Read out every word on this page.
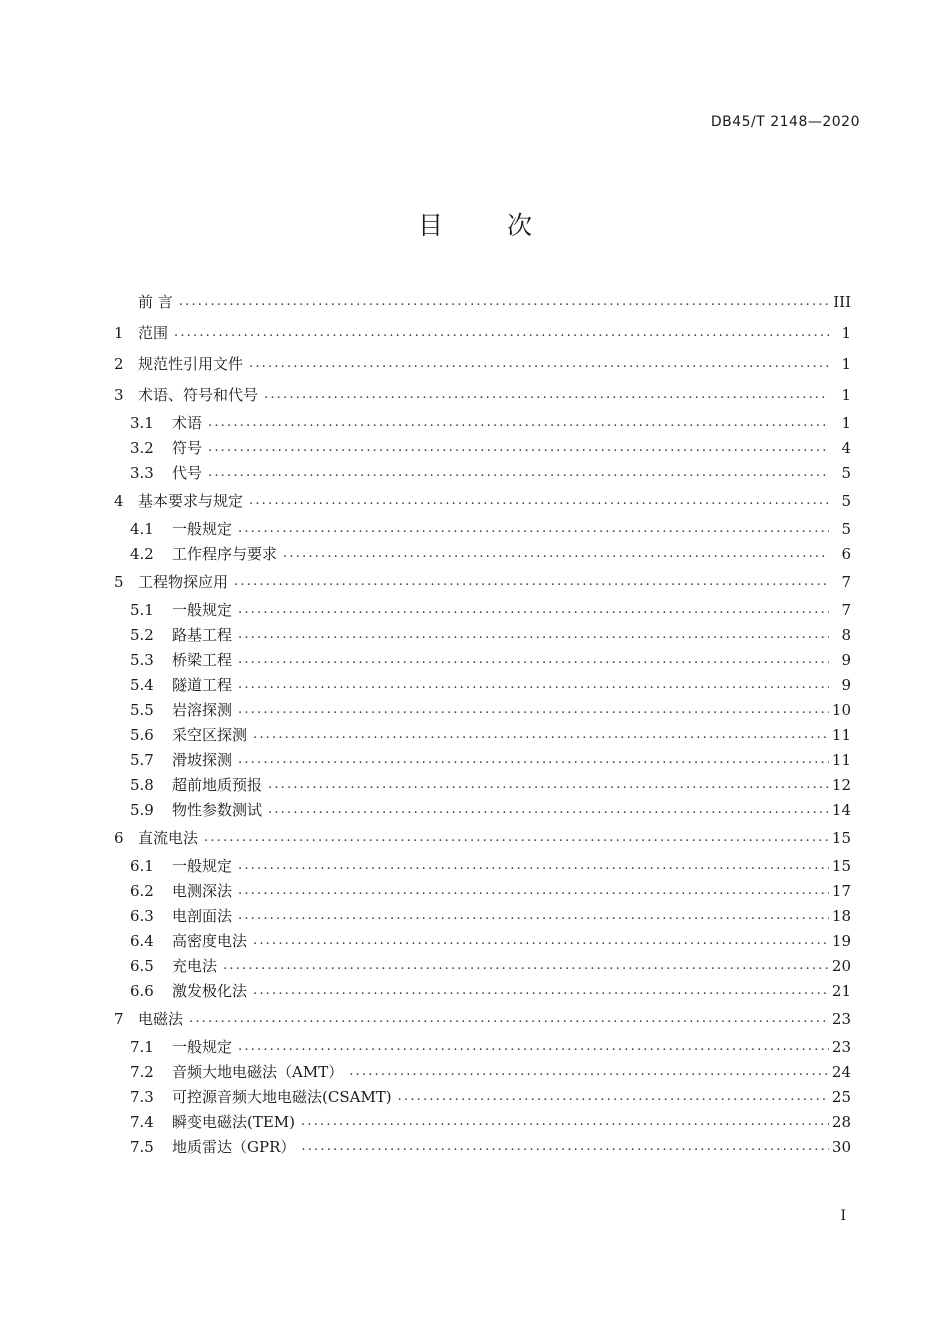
DB45/T 2148—2020
目 次
前 言 .....	III
1 范围 .....	1
2 规范性引用文件 .....	1
3 术语、符号和代号 .....	1
3.1	术语 .....	1
3.2	符号 .....	4
3.3	代号 .....	5
4 基本要求与规定 .....	5
4.1	一般规定 .....	5
4.2	工作程序与要求 .....	6
5 工程物探应用 .....	7
5.1	一般规定 .....	7
5.2	路基工程 .....	8
5.3	桥梁工程 .....	9
5.4	隧道工程 .....	9
5.5	岩溶探测 .....	10
5.6	采空区探测 .....	11
5.7	滑坡探测 .....	11
5.8	超前地质预报 .....	12
5.9	物性参数测试 .....	14
6 直流电法 .....	15
6.1	一般规定 .....	15
6.2	电测深法 .....	17
6.3	电剖面法 .....	18
6.4	高密度电法 .....	19
6.5	充电法 .....	20
6.6	激发极化法 .....	21
7 电磁法 .....	23
7.1	一般规定 .....	23
7.2	音频大地电磁法（AMT） .....	24
7.3	可控源音频大地电磁法(CSAMT) .....	25
7.4	瞬变电磁法(TEM) .....	28
7.5	地质雷达（GPR） .....	30
I
